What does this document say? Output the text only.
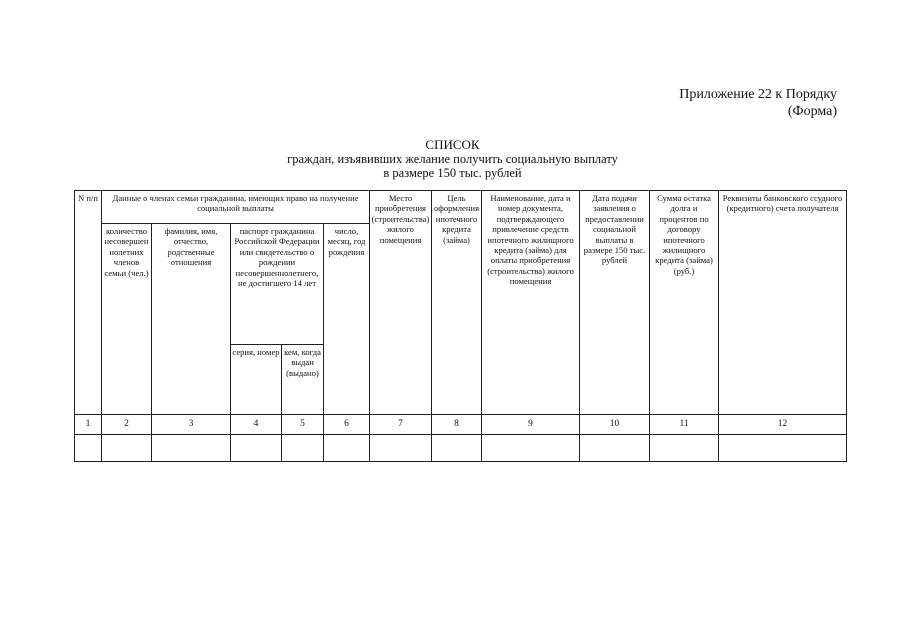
Приложение 22 к Порядку
(Форма)
СПИСОК
граждан, изъявивших желание получить социальную выплату
в размере 150 тыс. рублей
N п/п	Данные о членах семьи гражданина, имеющих право на получение социальной выплаты					Место приобретения (строительства) жилого помещения	Цель оформления ипотечного кредита (займа)	Наименование, дата и номер документа, подтверждающего привлечение средств ипотечного жилищного кредита (займа) для оплаты приобретения (строительства) жилого помещения	Дата подачи заявления о предоставлении социальной выплаты в размере 150 тыс. рублей	Сумма остатка долга и процентов по договору ипотечного жилищного кредита (займа) (руб.)	Реквизиты банковского ссудного (кредитного) счета получателя
	количество несовершеннолетних членов семьи (чел.)	фамилия, имя, отчество, родственные отношения	паспорт гражданина Российской Федерации или свидетельство о рождении несовершеннолетнего, не достигшего 14 лет		число, месяц, год рождения						
			серия, номер	кем, когда выдан (выдано)							
1	2	3	4	5	6	7	8	9	10	11	12
